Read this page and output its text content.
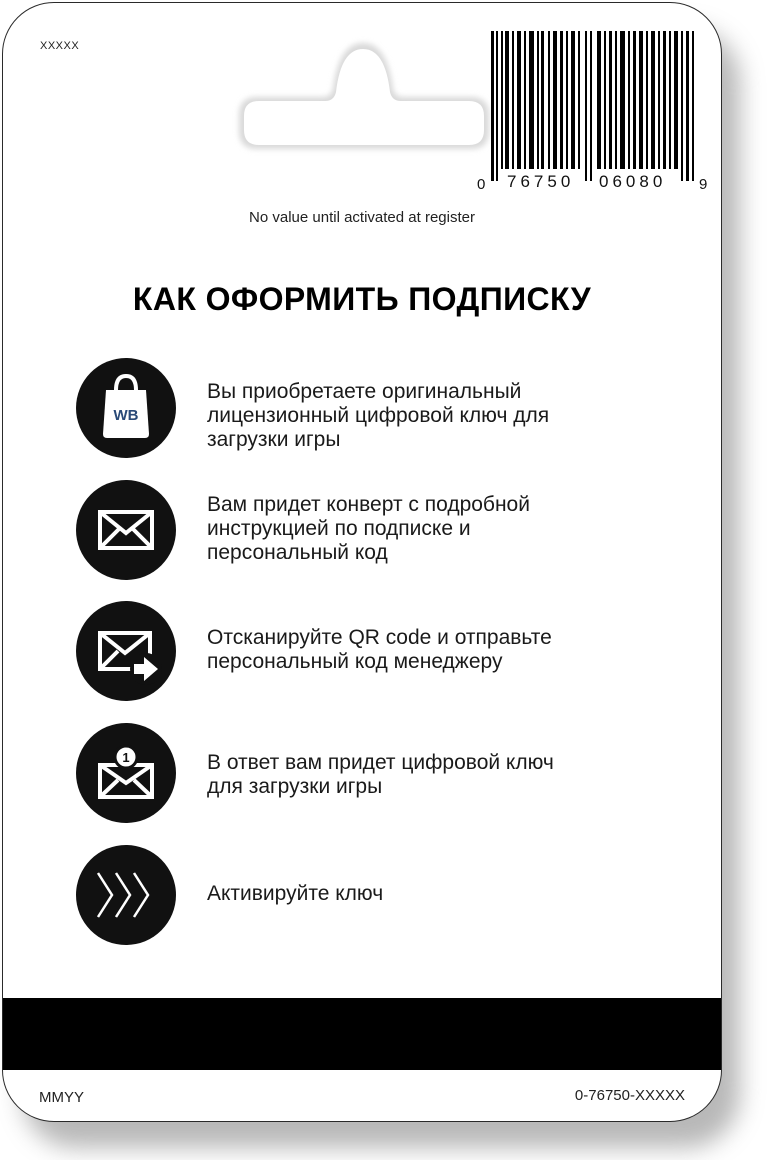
XXXXX
0 76750 06080 9
No value until activated at register
КАК ОФОРМИТЬ ПОДПИСКУ
WB
Вы приобретаете оригинальный
лицензионный цифровой ключ для
загрузки игры
Вам придет конверт с подробной
инструкцией по подписке и
персональный код
Отсканируйте QR code и отправьте
персональный код менеджеру
1	В ответ вам придет цифровой ключ
для загрузки игры
Активируйте ключ
MMYY	0-76750-XXXXX
